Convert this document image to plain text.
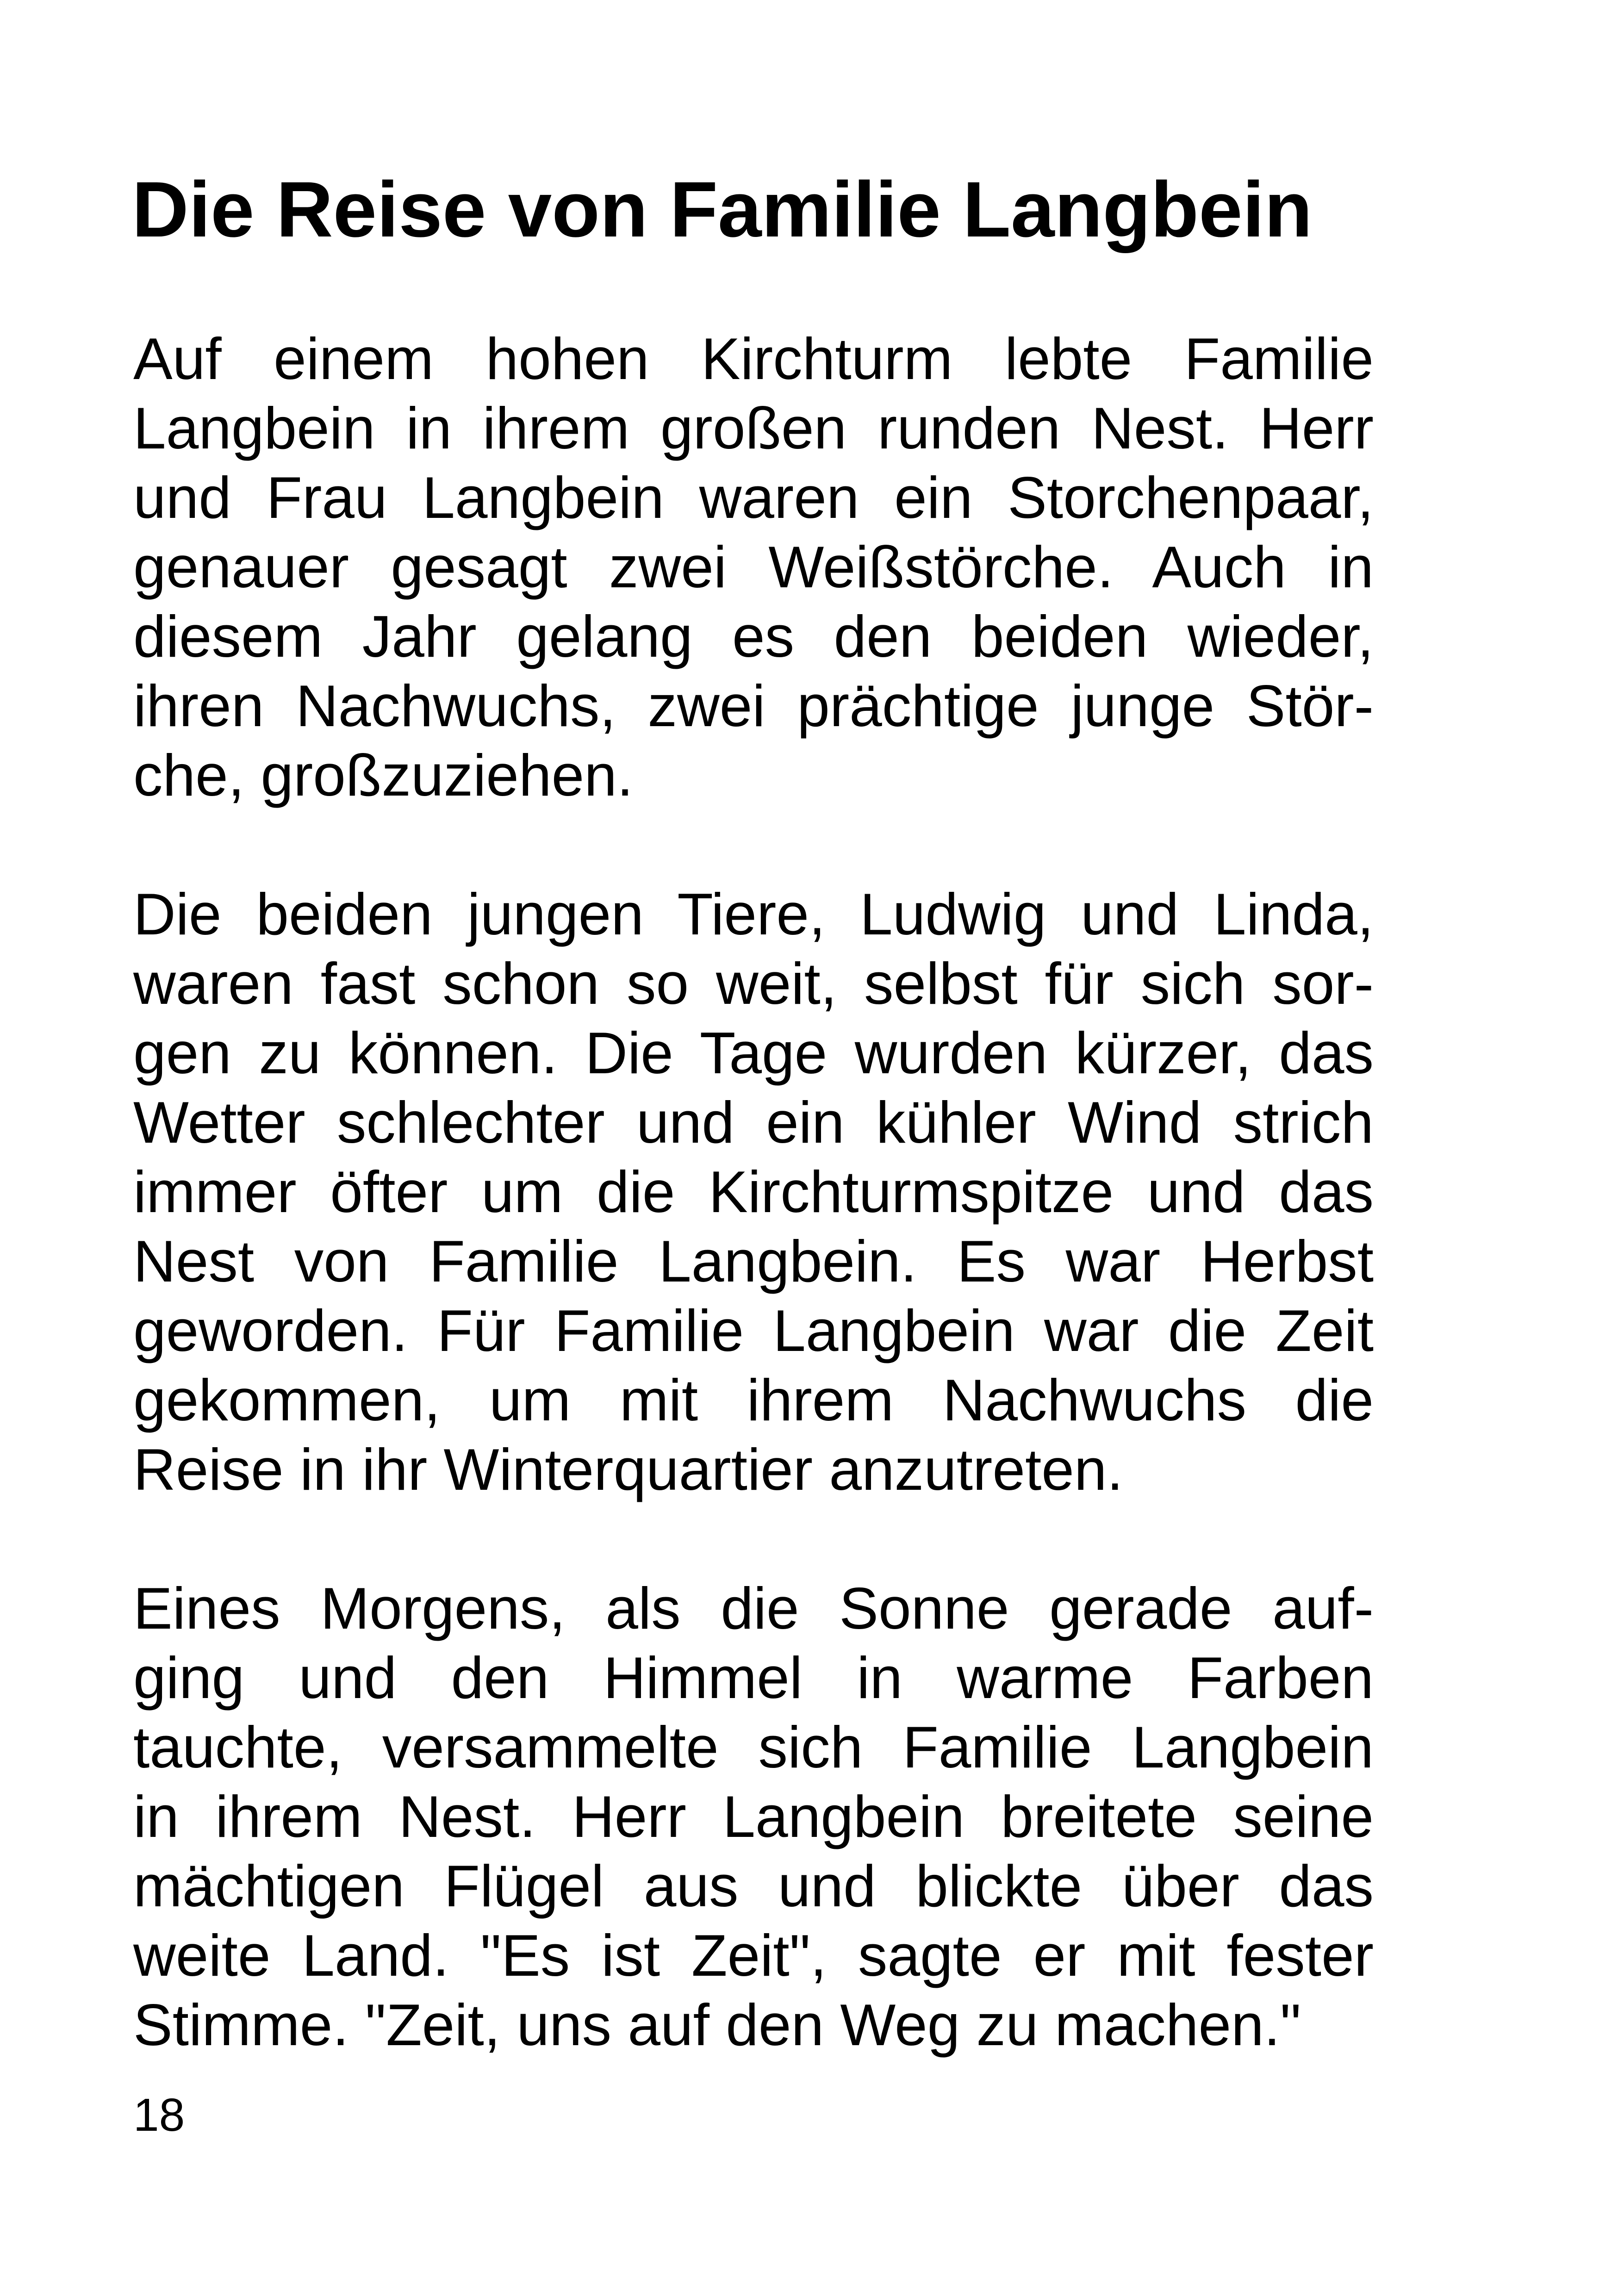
Die Reise von Familie Langbein
Auf einem hohen Kirchturm lebte Familie
Langbein in ihrem großen runden Nest. Herr
und Frau Langbein waren ein Storchenpaar,
genauer gesagt zwei Weißstörche. Auch in
diesem Jahr gelang es den beiden wieder,
ihren Nachwuchs, zwei prächtige junge Stör-
che, großzuziehen.
Die beiden jungen Tiere, Ludwig und Linda,
waren fast schon so weit, selbst für sich sor-
gen zu können. Die Tage wurden kürzer, das
Wetter schlechter und ein kühler Wind strich
immer öfter um die Kirchturmspitze und das
Nest von Familie Langbein. Es war Herbst
geworden. Für Familie Langbein war die Zeit
gekommen, um mit ihrem Nachwuchs die
Reise in ihr Winterquartier anzutreten.
Eines Morgens, als die Sonne gerade auf-
ging und den Himmel in warme Farben
tauchte, versammelte sich Familie Langbein
in ihrem Nest. Herr Langbein breitete seine
mächtigen Flügel aus und blickte über das
weite Land. "Es ist Zeit", sagte er mit fester
Stimme. "Zeit, uns auf den Weg zu machen."
18
